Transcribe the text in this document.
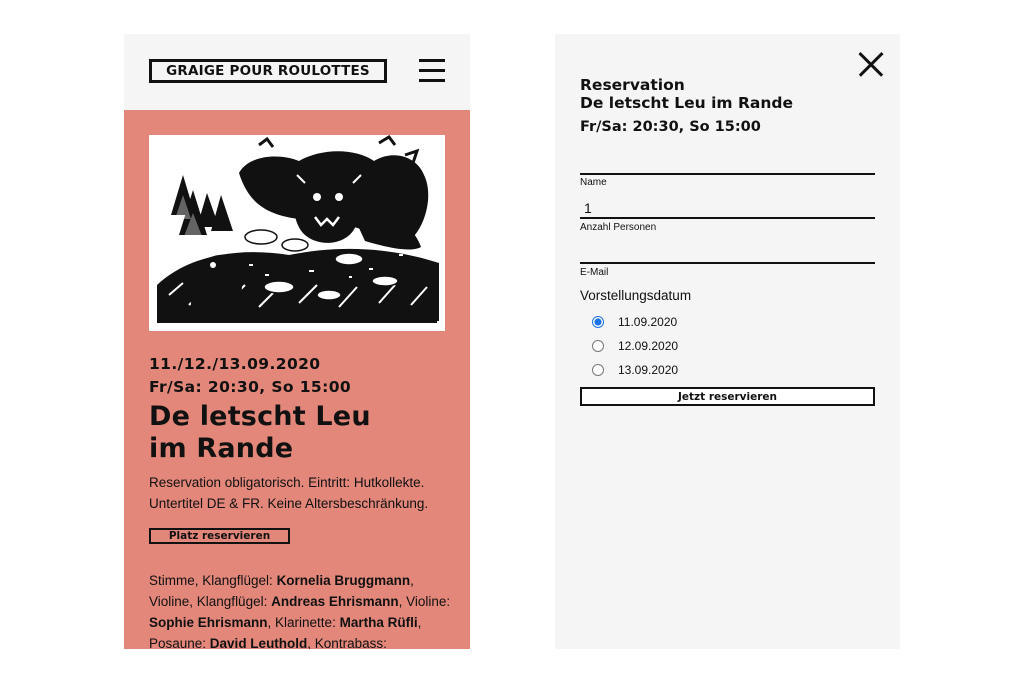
GRAIGE POUR ROULOTTES

11./12./13.09.2020

Fr/Sa: 20:30, So 15:00

De letscht Leu
im Rande

Reservation obligatorisch. Eintritt: Hutkollekte.
Untertitel DE & FR. Keine Altersbeschränkung.

Platz reservieren

Stimme, Klangflügel: Kornelia Bruggmann, Violine, Klangflügel: Andreas Ehrismann, Violine: Sophie Ehrismann, Klarinette: Martha Rüfli, Posaune: David Leuthold, Kontrabass:

Reservation
De letscht Leu im Rande

Fr/Sa: 20:30, So 15:00

Name
1
Anzahl Personen
E-Mail
Vorstellungsdatum
11.09.2020
12.09.2020
13.09.2020
Jetzt reservieren
